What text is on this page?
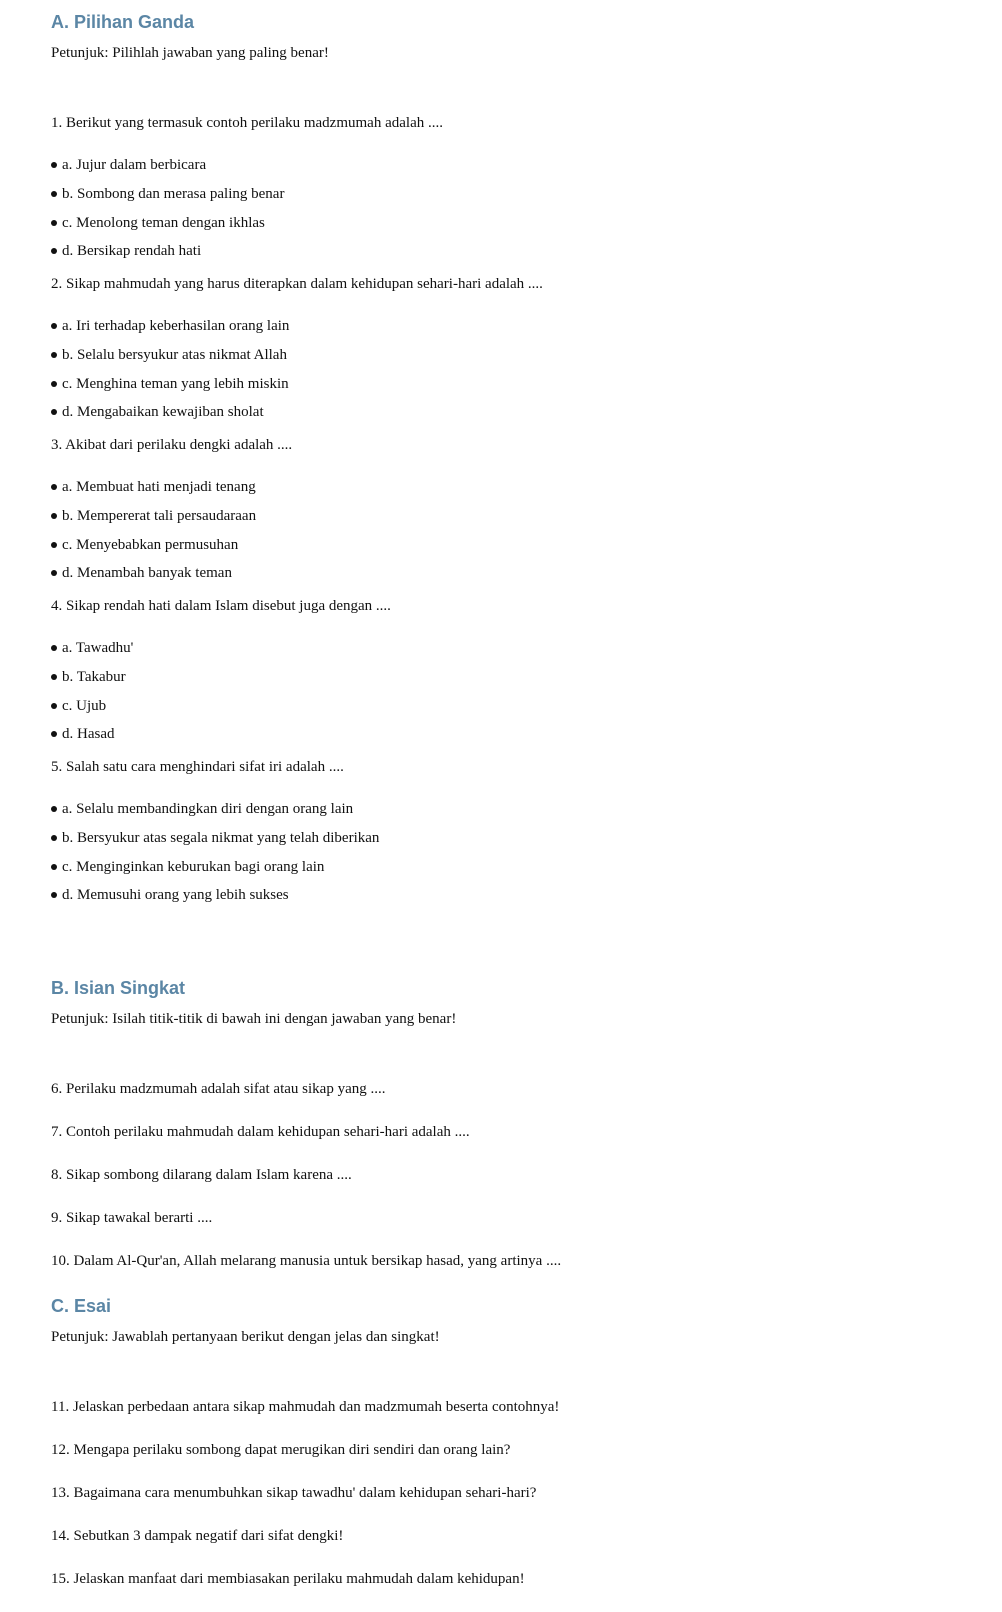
A. Pilihan Ganda
Petunjuk: Pilihlah jawaban yang paling benar!
1. Berikut yang termasuk contoh perilaku madzmumah adalah ....
a. Jujur dalam berbicara
b. Sombong dan merasa paling benar
c. Menolong teman dengan ikhlas
d. Bersikap rendah hati
2. Sikap mahmudah yang harus diterapkan dalam kehidupan sehari-hari adalah ....
a. Iri terhadap keberhasilan orang lain
b. Selalu bersyukur atas nikmat Allah
c. Menghina teman yang lebih miskin
d. Mengabaikan kewajiban sholat
3. Akibat dari perilaku dengki adalah ....
a. Membuat hati menjadi tenang
b. Mempererat tali persaudaraan
c. Menyebabkan permusuhan
d. Menambah banyak teman
4. Sikap rendah hati dalam Islam disebut juga dengan ....
a. Tawadhu'
b. Takabur
c. Ujub
d. Hasad
5. Salah satu cara menghindari sifat iri adalah ....
a. Selalu membandingkan diri dengan orang lain
b. Bersyukur atas segala nikmat yang telah diberikan
c. Menginginkan keburukan bagi orang lain
d. Memusuhi orang yang lebih sukses
B. Isian Singkat
Petunjuk: Isilah titik-titik di bawah ini dengan jawaban yang benar!
6. Perilaku madzmumah adalah sifat atau sikap yang ....
7. Contoh perilaku mahmudah dalam kehidupan sehari-hari adalah ....
8. Sikap sombong dilarang dalam Islam karena ....
9. Sikap tawakal berarti ....
10. Dalam Al-Qur'an, Allah melarang manusia untuk bersikap hasad, yang artinya ....
C. Esai
Petunjuk: Jawablah pertanyaan berikut dengan jelas dan singkat!
11. Jelaskan perbedaan antara sikap mahmudah dan madzmumah beserta contohnya!
12. Mengapa perilaku sombong dapat merugikan diri sendiri dan orang lain?
13. Bagaimana cara menumbuhkan sikap tawadhu' dalam kehidupan sehari-hari?
14. Sebutkan 3 dampak negatif dari sifat dengki!
15. Jelaskan manfaat dari membiasakan perilaku mahmudah dalam kehidupan!
